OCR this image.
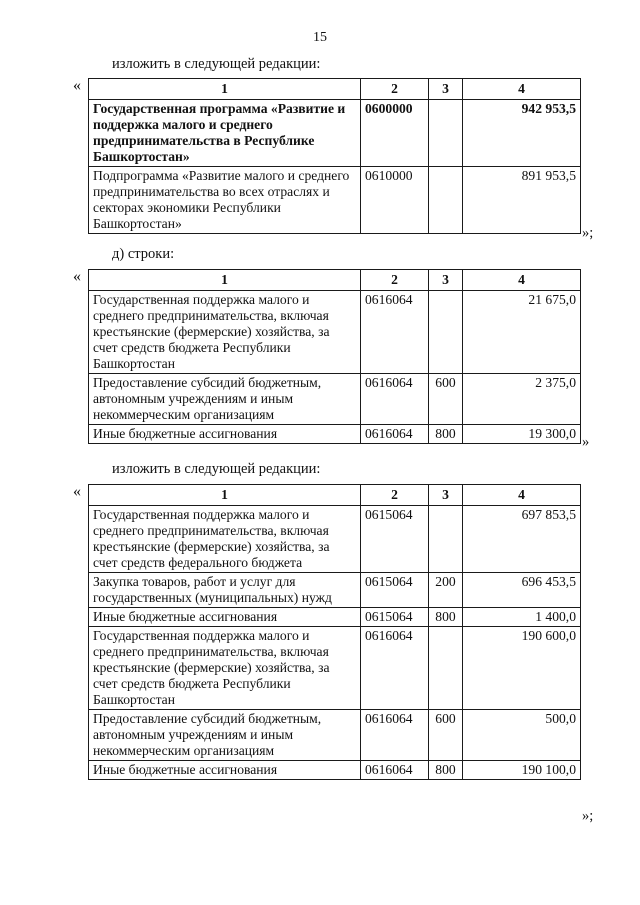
15
изложить в следующей редакции:
«	1	2	3	4
Государственная программа «Развитие и поддержка малого и среднего предпринимательства в Республике Башкортостан»	0600000		942 953,5
Подпрограмма «Развитие малого и среднего предпринимательства во всех отраслях и секторах экономики Республики Башкортостан»	0610000		891 953,5
»;
д) строки:
«	1	2	3	4
Государственная поддержка малого и среднего предпринимательства, включая крестьянские (фермерские) хозяйства, за счет средств бюджета Республики Башкортостан	0616064		21 675,0
Предоставление субсидий бюджетным, автономным учреждениям и иным некоммерческим организациям	0616064	600	2 375,0
Иные бюджетные ассигнования	0616064	800	19 300,0
»
изложить в следующей редакции:
«	1	2	3	4
Государственная поддержка малого и среднего предпринимательства, включая крестьянские (фермерские) хозяйства, за счет средств федерального бюджета	0615064		697 853,5
Закупка товаров, работ и услуг для государственных (муниципальных) нужд	0615064	200	696 453,5
Иные бюджетные ассигнования	0615064	800	1 400,0
Государственная поддержка малого и среднего предпринимательства, включая крестьянские (фермерские) хозяйства, за счет средств бюджета Республики Башкортостан	0616064		190 600,0
Предоставление субсидий бюджетным, автономным учреждениям и иным некоммерческим организациям	0616064	600	500,0
Иные бюджетные ассигнования	0616064	800	190 100,0
»;
